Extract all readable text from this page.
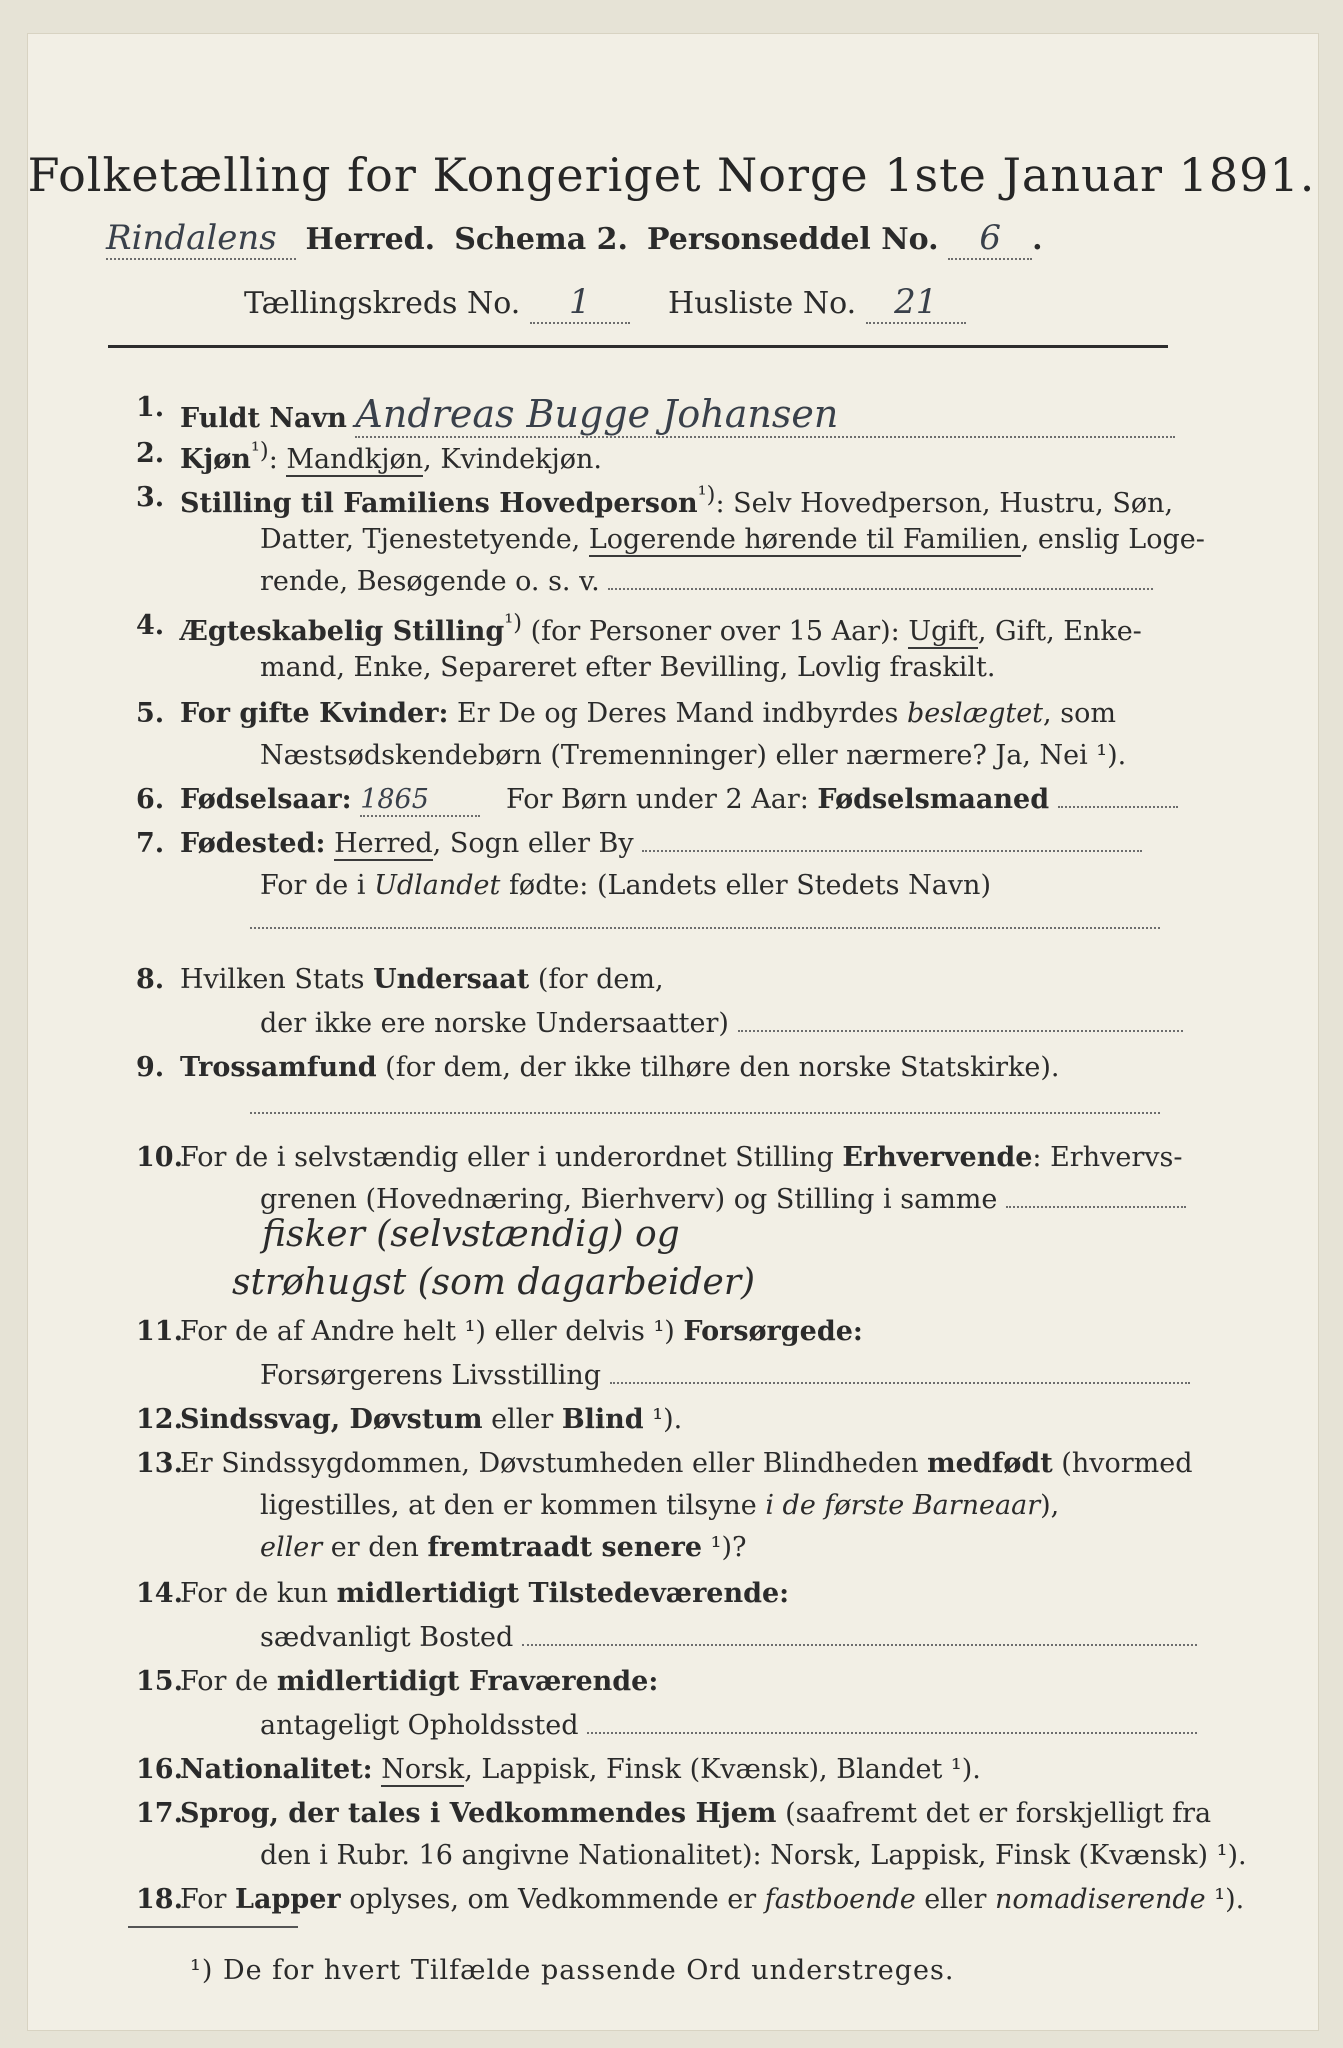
Folketælling for Kongeriget Norge 1ste Januar 1891.
Rindalens Herred. Schema 2. Personseddel No. 6 .
Tællingskreds No. 1	Husliste No. 21
1. Fuldt Navn Andreas Bugge Johansen
2. Kjøn$^{^1)}$: Mandkjøn, Kvindekjøn.
3. Stilling til Familiens Hovedperson$^{^1)}$: Selv Hovedperson, Hustru, Søn,
Datter, Tjenestetyende, Logerende hørende til Familien, enslig Loge-
rende, Besøgende o. s. v.
4. Ægteskabelig Stilling$^{^1)}$ (for Personer over 15 Aar): Ugift, Gift, Enke-
mand, Enke, Separeret efter Bevilling, Lovlig fraskilt.
5. For gifte Kvinder: Er De og Deres Mand indbyrdes beslægtet, som
Næstsødskendebørn (Tremenninger) eller nærmere? Ja, Nei ¹).
6. Fødselsaar: 1865	For Børn under 2 Aar: Fødselsmaaned
7. Fødested: Herred, Sogn eller By
For de i Udlandet fødte: (Landets eller Stedets Navn)
8. Hvilken Stats Undersaat (for dem,
der ikke ere norske Undersaatter)
9. Trossamfund (for dem, der ikke tilhøre den norske Statskirke).
10.
For de i selvstændig eller i underordnet Stilling Erhvervende: Erhvervs-
grenen (Hovednæring, Bierhverv) og Stilling i samme
fisker (selvstændig) og
strøhugst (som dagarbeider)
11.
For de af Andre helt ¹) eller delvis ¹) Forsørgede:
Forsørgerens Livsstilling
12.
Sindssvag, Døvstum eller Blind ¹).
13.
Er Sindssygdommen, Døvstumheden eller Blindheden medfødt (hvormed
ligestilles, at den er kommen tilsyne i de første Barneaar),
eller er den fremtraadt senere ¹)?
14.
For de kun midlertidigt Tilstedeværende:
sædvanligt Bosted
15.
For de midlertidigt Fraværende:
antageligt Opholdssted
16.
Nationalitet: Norsk, Lappisk, Finsk (Kvænsk), Blandet ¹).
17.
Sprog, der tales i Vedkommendes Hjem (saafremt det er forskjelligt fra
den i Rubr. 16 angivne Nationalitet): Norsk, Lappisk, Finsk (Kvænsk) ¹).
18.
For Lapper oplyses, om Vedkommende er fastboende eller nomadiserende ¹).
¹) De for hvert Tilfælde passende Ord understreges.
